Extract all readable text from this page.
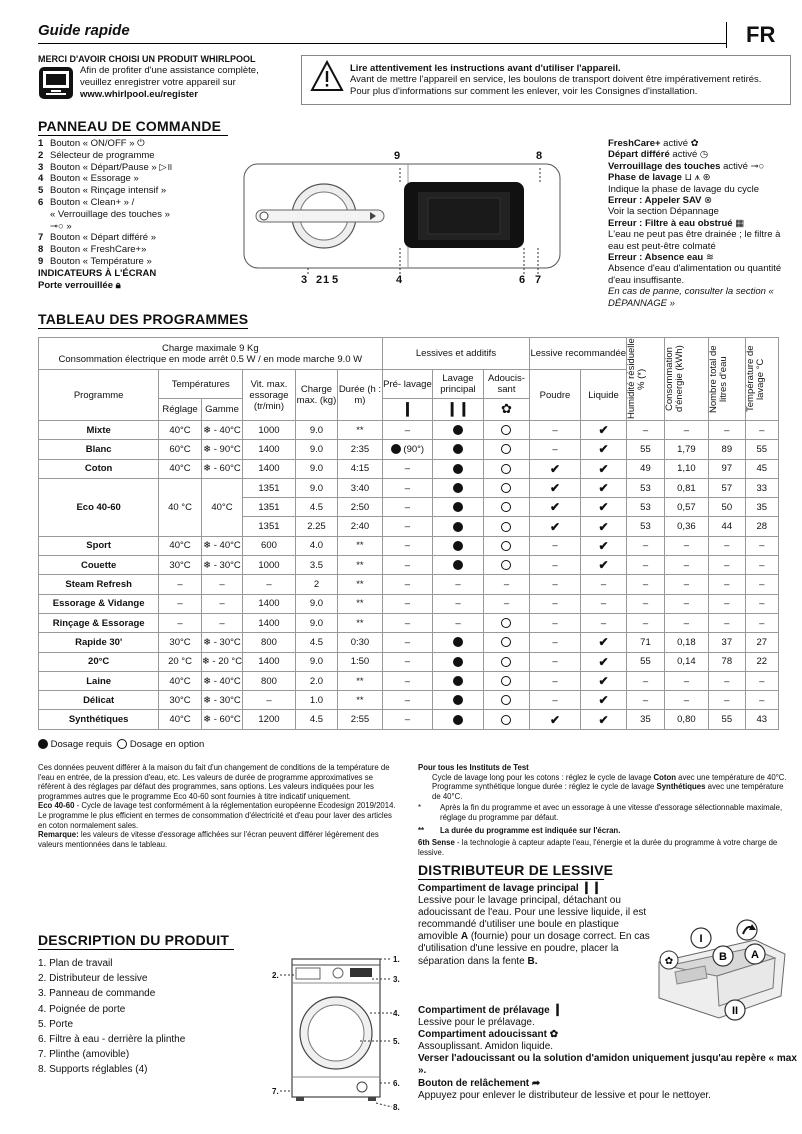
Guide rapide	FR
MERCI D'AVOIR CHOISI UN PRODUIT WHIRLPOOL
Afin de profiter d'une assistance complète,
veuillez enregistrer votre appareil sur
www.whirlpool.eu/register
Lire attentivement les instructions avant d'utiliser l'appareil.
Avant de mettre l'appareil en service, les boulons de transport doivent être impérativement retirés. Pour plus d'informations sur comment les enlever, voir les Consignes d'installation.
PANNEAU DE COMMANDE
1 Bouton « ON/OFF » ⏻
2 Sélecteur de programme
3 Bouton « Départ/Pause » ▷॥
4 Bouton « Essorage »
5 Bouton « Rinçage intensif »
6 Bouton « Clean+ » /
« Verrouillage des touches »
⊸○ »
7 Bouton « Départ différé »
8 Bouton « FreshCare+»
9 Bouton « Température »
INDICATEURS À L'ÉCRAN
Porte verrouillée 🔒︎
9	8
3 2 1 5	4	6 7
FreshCare+ activé ✿
Départ différé activé ◷
Verrouillage des touches activé ⊸○
Phase de lavage ⊔ ⩚ ⊛
Indique la phase de lavage du cycle
Erreur : Appeler SAV ⊗
Voir la section Dépannage
Erreur : Filtre à eau obstrué ▦
L'eau ne peut pas être drainée ; le filtre à eau est peut-être colmaté
Erreur : Absence eau ≋
Absence d'eau d'alimentation ou quantité d'eau insuffisante.
En cas de panne, consulter la section « DÉPANNAGE »
TABLEAU DES PROGRAMMES
Charge maximale 9 Kg
Consommation électrique en mode arrêt 0.5 W / en mode marche 9.0 W						Lessives et additifs			Lessive recommandée		Humidité résiduelle % (*)	Consommation d'énergie (kWh)	Nombre total de litres d'eau	Température de lavage °C

Programme	Températures		Vit. max. essorage (tr/min)	Charge max. (kg)	Durée (h : m)	Pré- lavage	Lavage principal	Adoucis- sant	Poudre	Liquide				
	Réglage	Gamme				❙	❙❙	✿						
Mixte	40°C	❄ - 40°C	1000	9.0	**	–			–	✔	–	–	–	–
Blanc	60°C	❄ - 90°C	1400	9.0	2:35	(90°)			–	✔	55	1,79	89	55
Coton	40°C	❄ - 60°C	1400	9.0	4:15	–			✔	✔	49	1,10	97	45
Eco 40-60	40 °C	40°C	1351	9.0	3:40	–			✔	✔	53	0,81	57	33
			1351	4.5	2:50	–			✔	✔	53	0,57	50	35
			1351	2.25	2:40	–			✔	✔	53	0,36	44	28
Sport	40°C	❄ - 40°C	600	4.0	**	–			–	✔	–	–	–	–
Couette	30°C	❄ - 30°C	1000	3.5	**	–			–	✔	–	–	–	–
Steam Refresh	–	–	–	2	**	–	–	–	–	–	–	–	–	–
Essorage & Vidange	–	–	1400	9.0	**	–	–	–	–	–	–	–	–	–
Rinçage & Essorage	–	–	1400	9.0	**	–	–		–	–	–	–	–	–
Rapide 30'	30°C	❄ - 30°C	800	4.5	0:30	–			–	✔	71	0,18	37	27
20°C	20 °C	❄ - 20 °C	1400	9.0	1:50	–			–	✔	55	0,14	78	22
Laine	40°C	❄ - 40°C	800	2.0	**	–			–	✔	–	–	–	–
Délicat	30°C	❄ - 30°C	–	1.0	**	–			–	✔	–	–	–	–
Synthétiques	40°C	❄ - 60°C	1200	4.5	2:55	–			✔	✔	35	0,80	55	43
Dosage requis Dosage en option
Ces données peuvent différer à la maison du fait d'un changement de conditions de la température de l'eau en entrée, de la pression d'eau, etc. Les valeurs de durée de programme approximatives se réfèrent à des réglages par défaut des programmes, sans options. Les valeurs indiquées pour les programmes autres que le programme Eco 40-60 sont fournies à titre indicatif uniquement.
Eco 40-60 - Cycle de lavage test conformément à la réglementation européenne Ecodesign 2019/2014. Le programme le plus efficient en termes de consommation d'électricité et d'eau pour laver des articles en coton normalement sales.
Remarque: les valeurs de vitesse d'essorage affichées sur l'écran peuvent différer légèrement des valeurs mentionnées dans le tableau.
Pour tous les Instituts de Test
Cycle de lavage long pour les cotons : réglez le cycle de lavage Coton avec une température de 40°C.
Programme synthétique longue durée : réglez le cycle de lavage Synthétiques avec une température de 40°C.
*	Après la fin du programme et avec un essorage à une vitesse d'essorage sélectionnable maximale, réglage du programme par défaut.
**	La durée du programme est indiquée sur l'écran.
6th Sense - la technologie à capteur adapte l'eau, l'énergie et la durée du programme à votre charge de lessive.
DESCRIPTION DU PRODUIT
1. Plan de travail
2. Distributeur de lessive
3. Panneau de commande
4. Poignée de porte
5. Porte
6. Filtre à eau - derrière la plinthe
7. Plinthe (amovible)
8. Supports réglables (4)
1.
2.	3.
4.
5.
6.
7.
8.
DISTRIBUTEUR DE LESSIVE
Compartiment de lavage principal ❙❙
Lessive pour le lavage principal, détachant ou adoucissant de l'eau. Pour une lessive liquide, il est recommandé d'utiliser une boule en plastique amovible A (fournie) pour un dosage correct. En cas d'utilisation d'une lessive en poudre, placer la séparation dans la fente B.
Compartiment de prélavage ❙
Lessive pour le prélavage.
Compartiment adoucissant ✿
Assouplissant. Amidon liquide.
Verser l'adoucissant ou la solution d'amidon uniquement jusqu'au repère « max ».
Bouton de relâchement ➦
Appuyez pour enlever le distributeur de lessive et pour le nettoyer.
✿
I
B A
II
